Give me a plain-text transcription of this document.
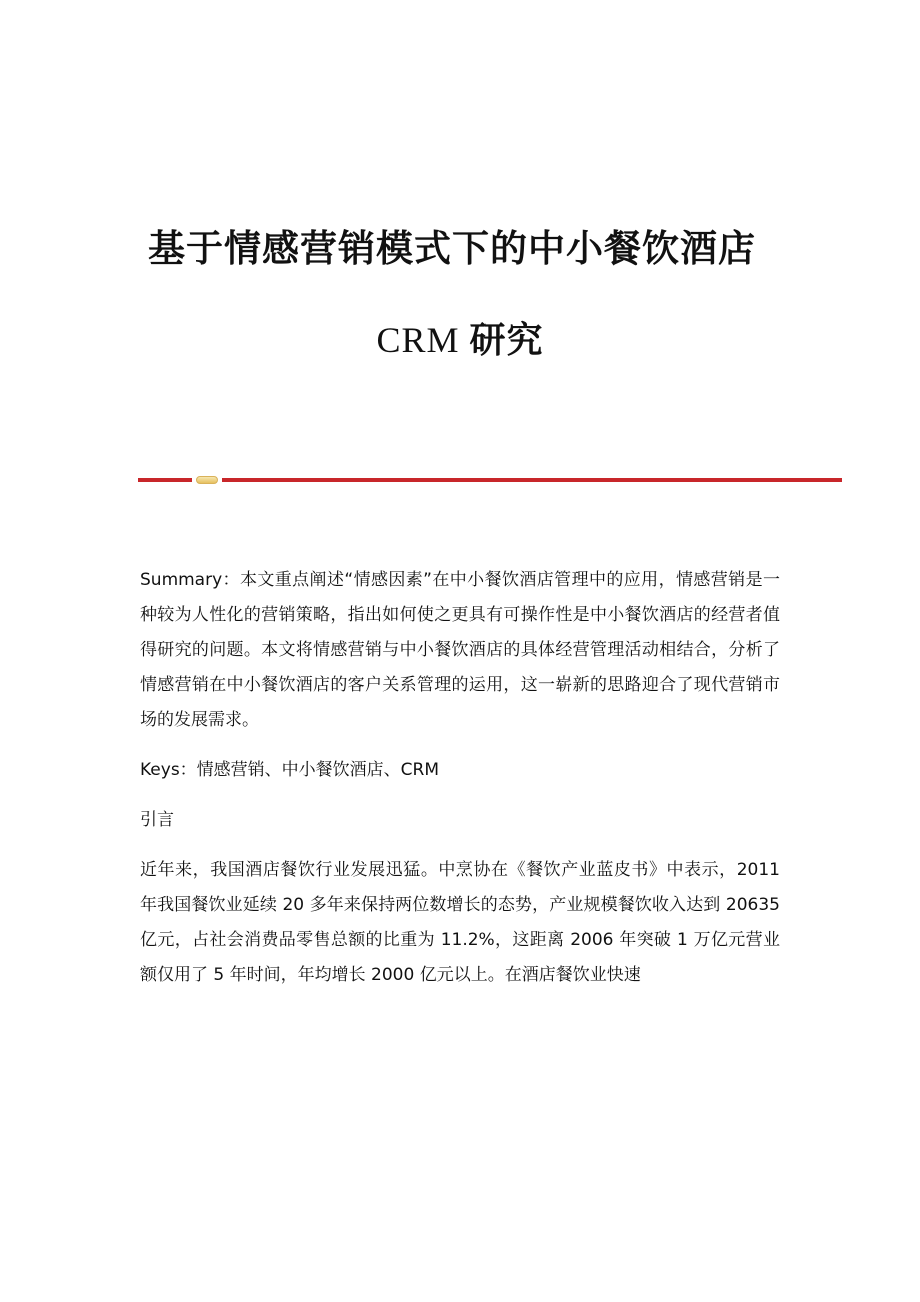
基于情感营销模式下的中小餐饮酒店
CRM 研究

Summary：本文重点阐述“情感因素”在中小餐饮酒店管理中的应用，情感营销是一种较为人性化的营销策略，指出如何使之更具有可操作性是中小餐饮酒店的经营者值得研究的问题。本文将情感营销与中小餐饮酒店的具体经营管理活动相结合，分析了情感营销在中小餐饮酒店的客户关系管理的运用，这一崭新的思路迎合了现代营销市场的发展需求。

Keys：情感营销、中小餐饮酒店、CRM

引言

近年来，我国酒店餐饮行业发展迅猛。中烹协在《餐饮产业蓝皮书》中表示，2011 年我国餐饮业延续 20 多年来保持两位数增长的态势，产业规模餐饮收入达到 20635 亿元，占社会消费品零售总额的比重为 11.2%，这距离 2006 年突破 1 万亿元营业额仅用了 5 年时间，年均增长 2000 亿元以上。在酒店餐饮业快速
